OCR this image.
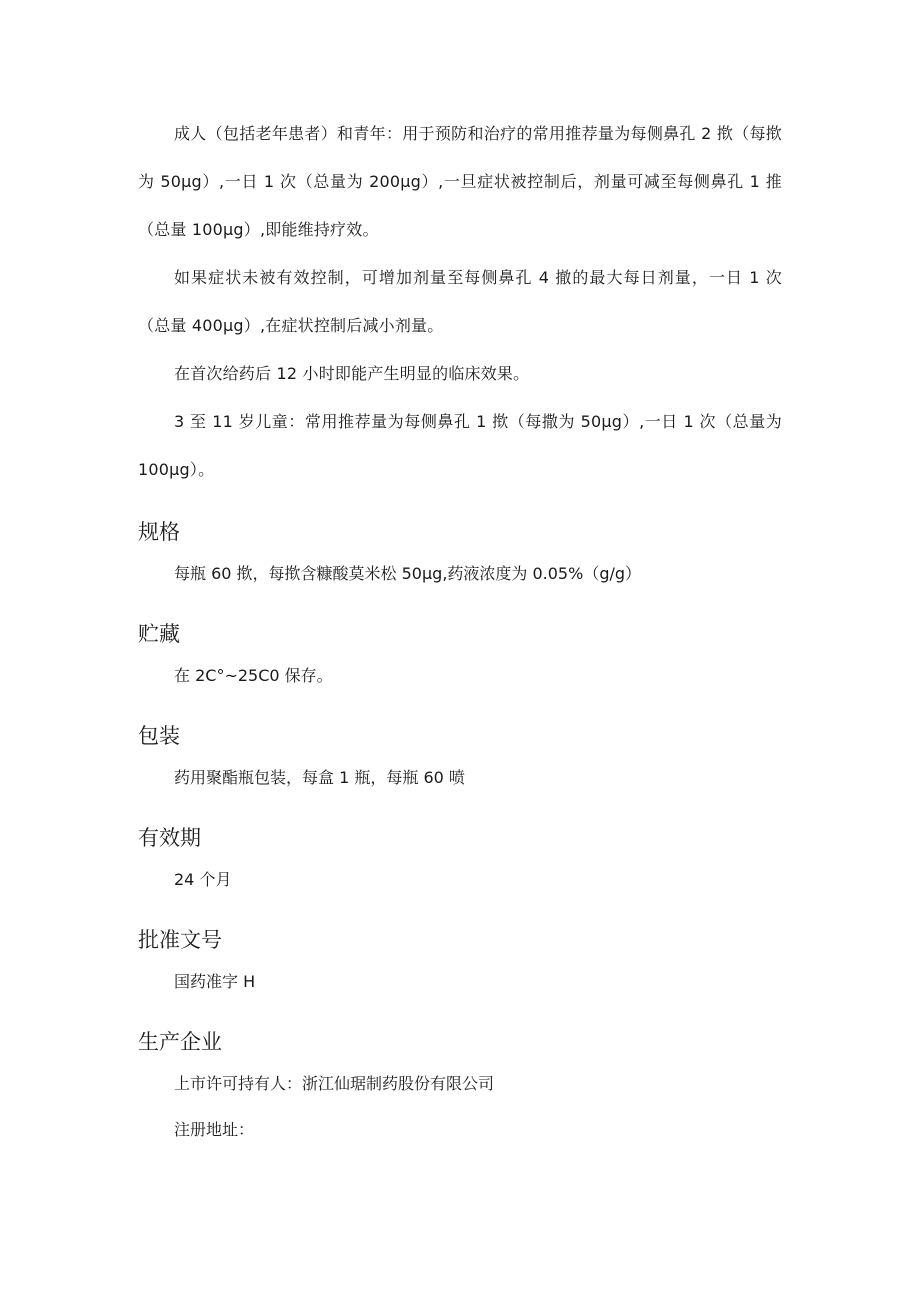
成人（包括老年患者）和青年：用于预防和治疗的常用推荐量为每侧鼻孔 2 揿（每揿为 50μg）,一日 1 次（总量为 200μg）,一旦症状被控制后，剂量可减至每侧鼻孔 1 推（总量 100μg）,即能维持疗效。

如果症状未被有效控制，可增加剂量至每侧鼻孔 4 撤的最大每日剂量，一日 1 次（总量 400μg）,在症状控制后减小剂量。

在首次给药后 12 小时即能产生明显的临床效果。

3 至 11 岁儿童：常用推荐量为每侧鼻孔 1 揿（每撒为 50μg）,一日 1 次（总量为 100μg）。

规格

每瓶 60 揿，每揿含糠酸莫米松 50μg,药液浓度为 0.05%（g/g）

贮藏

在 2C°~25C0 保存。

包装

药用聚酯瓶包装，每盒 1 瓶，每瓶 60 喷

有效期

24 个月

批准文号

国药准字 H

生产企业

上市许可持有人：浙江仙琚制药股份有限公司

注册地址：
